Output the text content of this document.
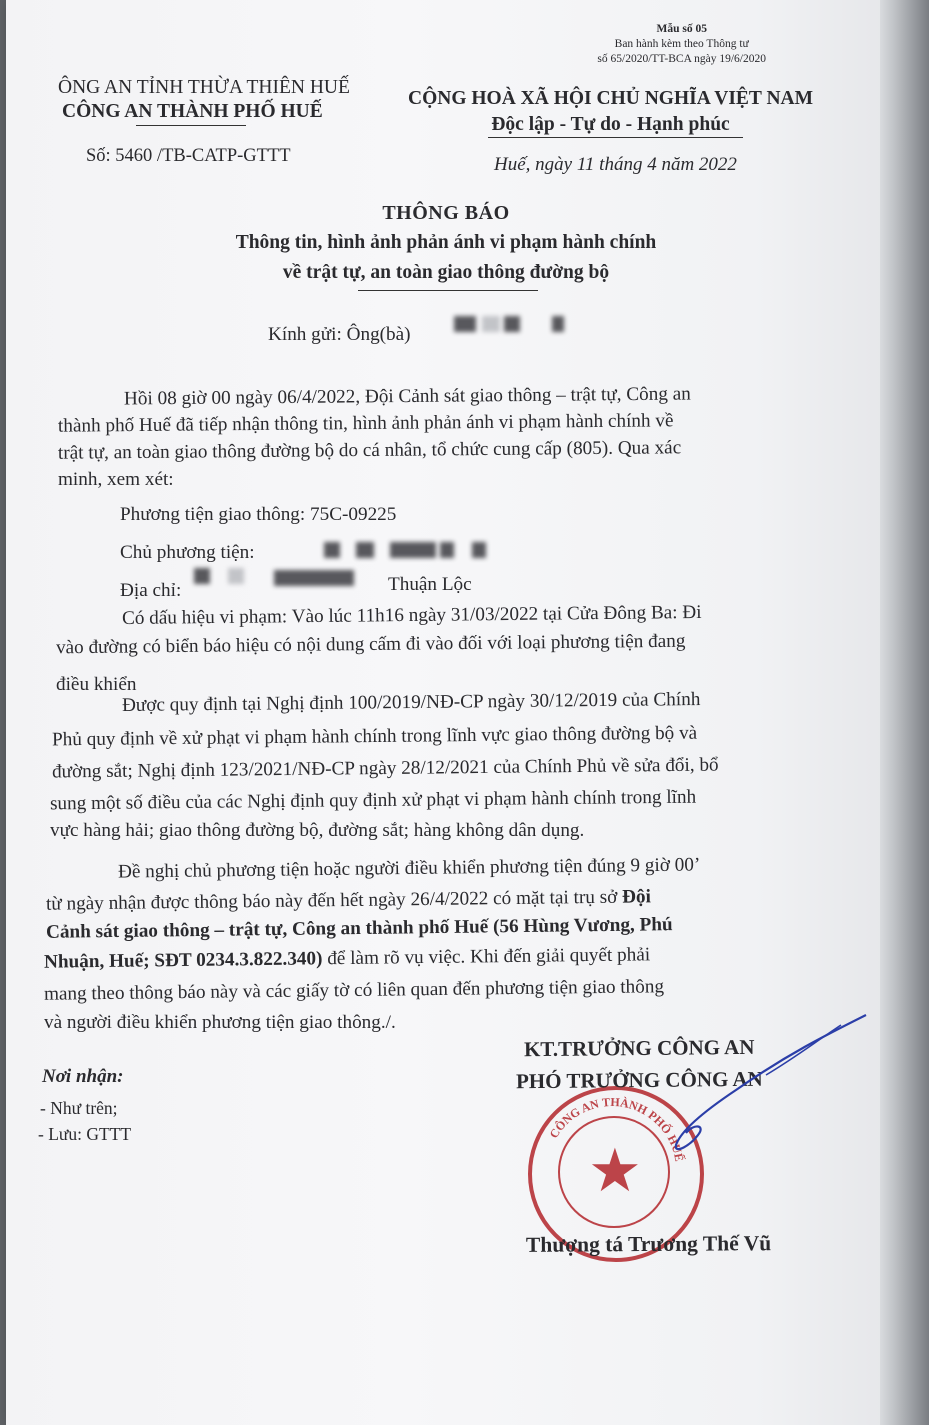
Mẫu số 05
Ban hành kèm theo Thông tư
số 65/2020/TT-BCA ngày 19/6/2020
ÔNG AN TỈNH THỪA THIÊN HUẾ
CÔNG AN THÀNH PHỐ HUẾ
CỘNG HOÀ XÃ HỘI CHỦ NGHĨA VIỆT NAM
Độc lập - Tự do - Hạnh phúc
Số: 5460 /TB-CATP-GTTT	Huế, ngày 11 tháng 4 năm 2022
THÔNG BÁO
Thông tin, hình ảnh phản ánh vi phạm hành chính
về trật tự, an toàn giao thông đường bộ
Kính gửi: Ông(bà)
Hồi 08 giờ 00 ngày 06/4/2022, Đội Cảnh sát giao thông – trật tự, Công an
thành phố Huế đã tiếp nhận thông tin, hình ảnh phản ánh vi phạm hành chính về
trật tự, an toàn giao thông đường bộ do cá nhân, tổ chức cung cấp (805). Qua xác
minh, xem xét:
Phương tiện giao thông: 75C-09225
Chủ phương tiện:
Địa chỉ:	Thuận Lộc
Có dấu hiệu vi phạm: Vào lúc 11h16 ngày 31/03/2022 tại Cửa Đông Ba: Đi
vào đường có biển báo hiệu có nội dung cấm đi vào đối với loại phương tiện đang
điều khiển
Được quy định tại Nghị định 100/2019/NĐ-CP ngày 30/12/2019 của Chính
Phủ quy định về xử phạt vi phạm hành chính trong lĩnh vực giao thông đường bộ và
đường sắt; Nghị định 123/2021/NĐ-CP ngày 28/12/2021 của Chính Phủ về sửa đổi, bổ
sung một số điều của các Nghị định quy định xử phạt vi phạm hành chính trong lĩnh
vực hàng hải; giao thông đường bộ, đường sắt; hàng không dân dụng.
Đề nghị chủ phương tiện hoặc người điều khiển phương tiện đúng 9 giờ 00’
từ ngày nhận được thông báo này đến hết ngày 26/4/2022 có mặt tại trụ sở Đội
Cảnh sát giao thông – trật tự, Công an thành phố Huế (56 Hùng Vương, Phú
Nhuận, Huế; SĐT 0234.3.822.340) để làm rõ vụ việc. Khi đến giải quyết phải
mang theo thông báo này và các giấy tờ có liên quan đến phương tiện giao thông
và người điều khiển phương tiện giao thông./.
Nơi nhận:
- Như trên;
- Lưu: GTTT
★
CÔNG AN THÀNH PHỐ HUẾ
KT.TRƯỞNG CÔNG AN
PHÓ TRƯỞNG CÔNG AN
Thượng tá Trương Thế Vũ
